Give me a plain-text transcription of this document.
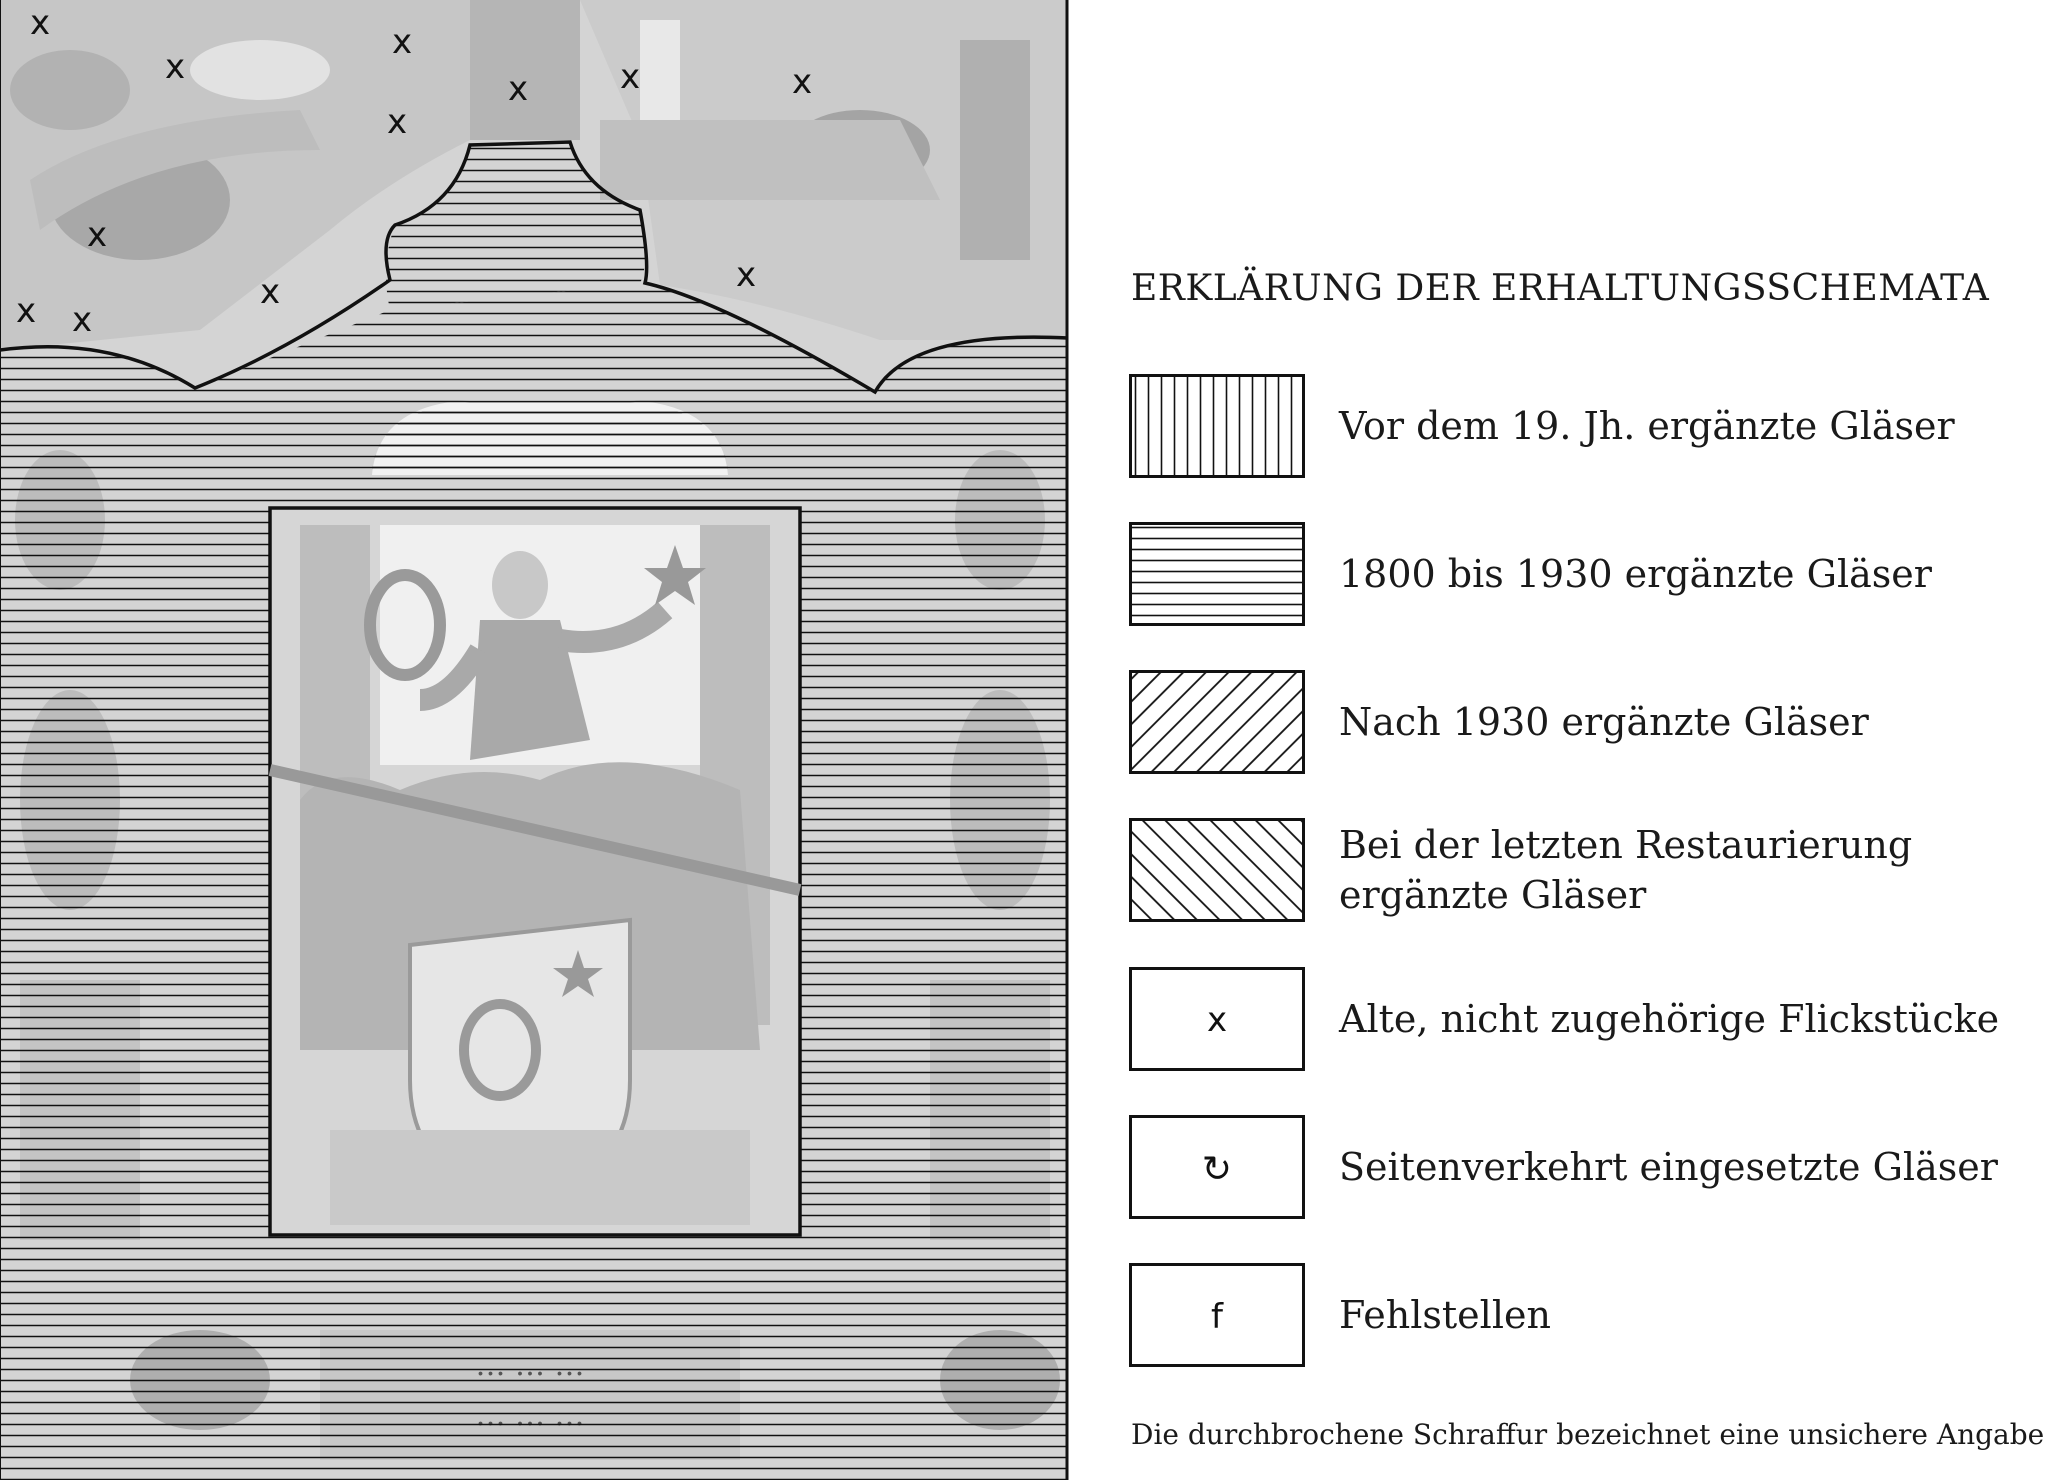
x
x
x
x
x	x	x
x
x
x
x x
ERKLÄRUNG DER ERHALTUNGSSCHEMATA
Vor dem 19. Jh. ergänzte Gläser
1800 bis 1930 ergänzte Gläser
Nach 1930 ergänzte Gläser
Bei der letzten Restaurierung
ergänzte Gläser
x	Alte, nicht zugehörige Flickstücke
↻	Seitenverkehrt eingesetzte Gläser
f	Fehlstellen
Die durchbrochene Schraffur bezeichnet eine unsichere Angabe
